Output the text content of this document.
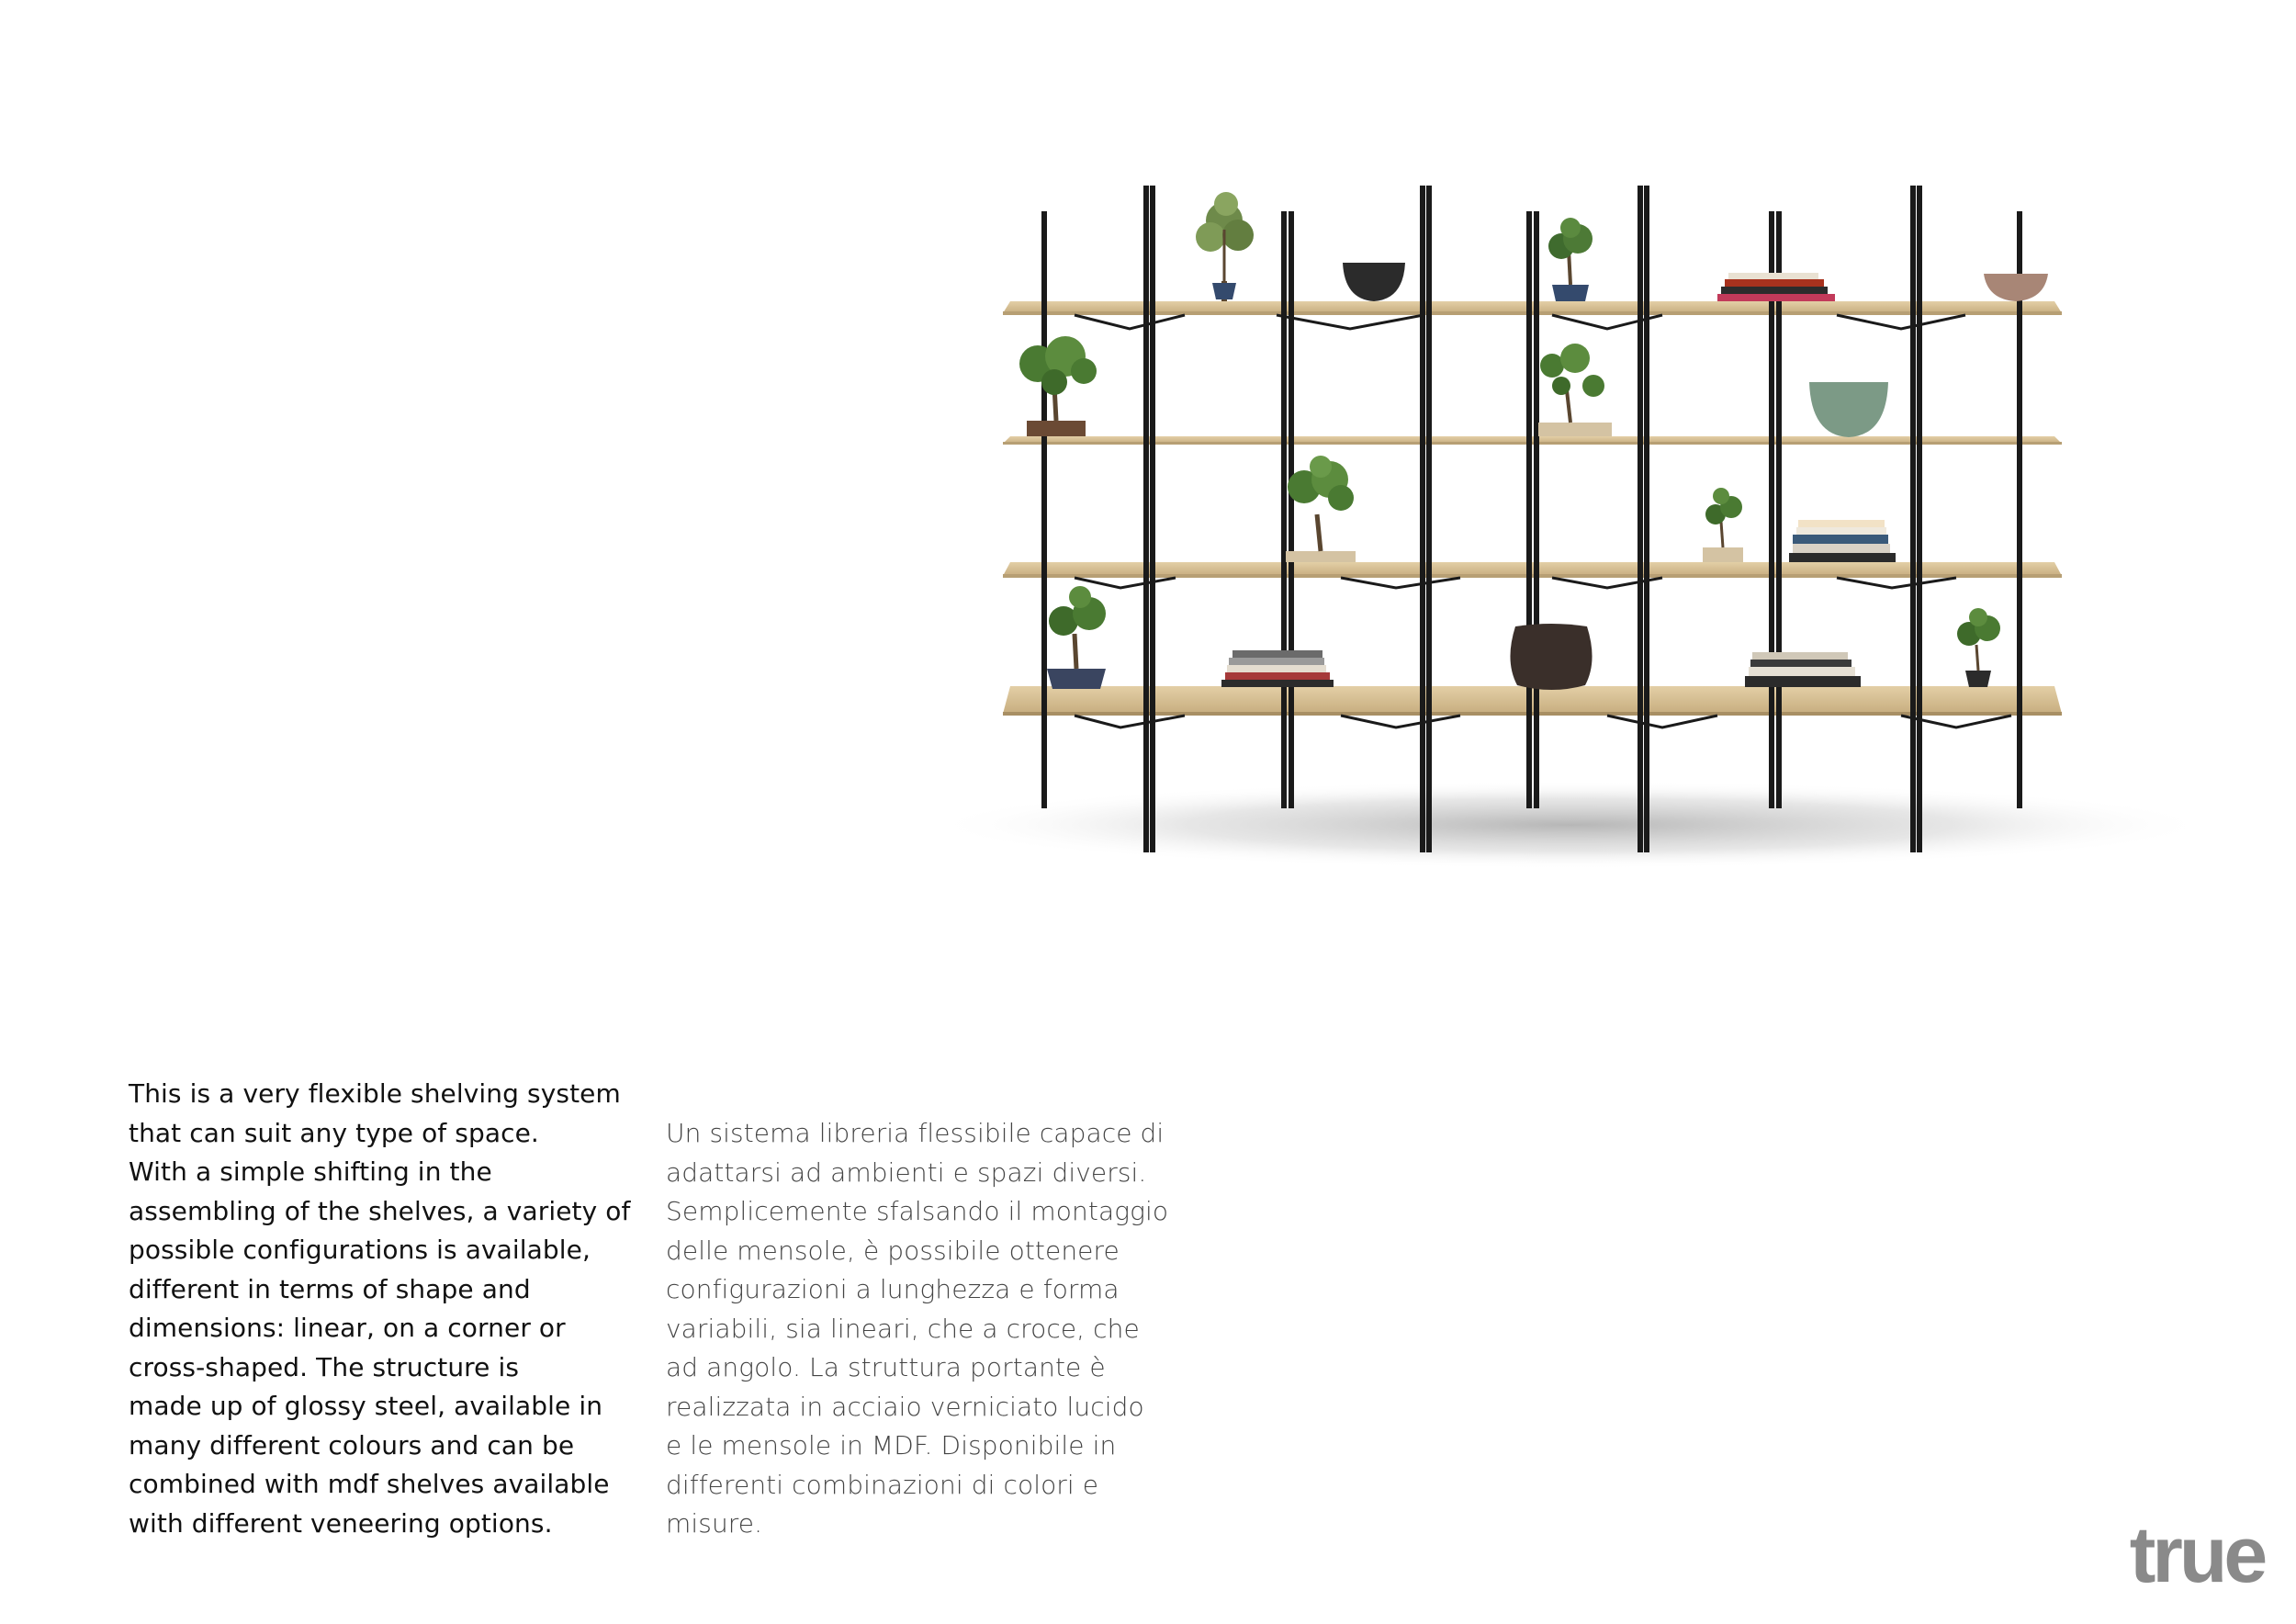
This is a very flexible shelving system
that can suit any type of space.
With a simple shifting in the
assembling of the shelves, a variety of
possible configurations is available,
different in terms of shape and
dimensions: linear, on a corner or
cross-shaped. The structure is
made up of glossy steel, available in
many different colours and can be
combined with mdf shelves available
with different veneering options.

Un sistema libreria flessibile capace di
adattarsi ad ambienti e spazi diversi.
Semplicemente sfalsando il montaggio
delle mensole, è possibile ottenere
configurazioni a lunghezza e forma
variabili, sia lineari, che a croce, che
ad angolo. La struttura portante è
realizzata in acciaio verniciato lucido
e le mensole in MDF. Disponibile in
differenti combinazioni di colori e
misure.	true
